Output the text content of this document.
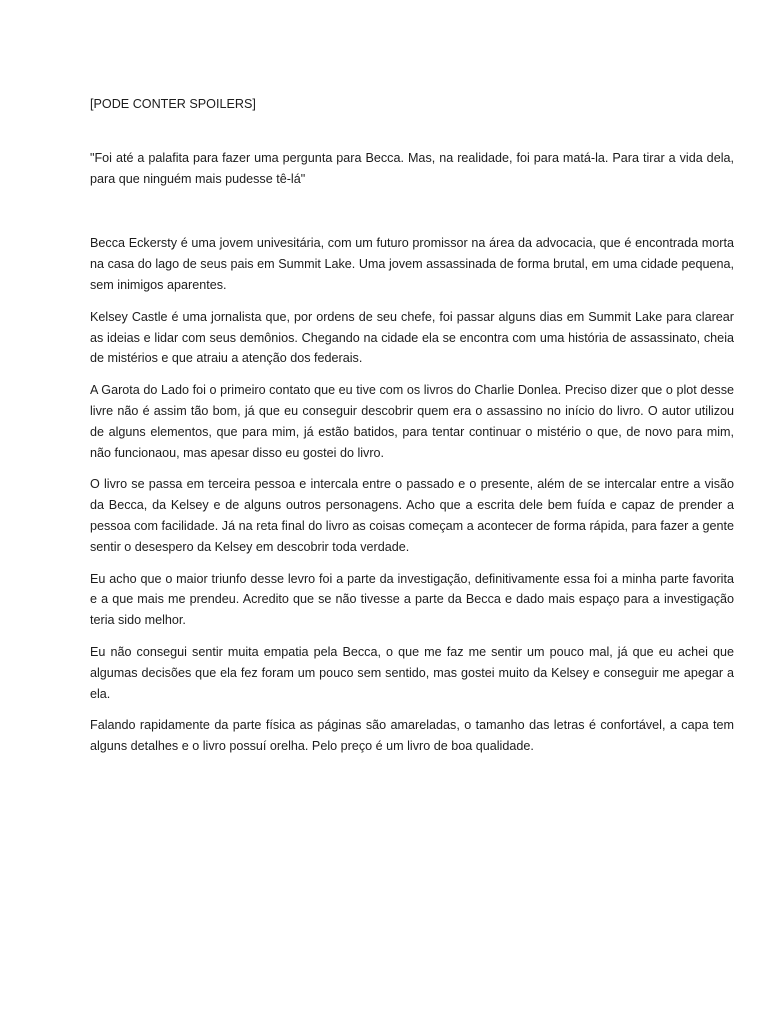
[PODE CONTER SPOILERS]

"Foi até a palafita para fazer uma pergunta para Becca. Mas, na realidade, foi para matá-la. Para tirar a vida dela, para que ninguém mais pudesse tê-lá"

Becca Eckersty é uma jovem univesitária, com um futuro promissor na área da advocacia, que é encontrada morta na casa do lago de seus pais em Summit Lake. Uma jovem assassinada de forma brutal, em uma cidade pequena, sem inimigos aparentes.

Kelsey Castle é uma jornalista que, por ordens de seu chefe, foi passar alguns dias em Summit Lake para clarear as ideias e lidar com seus demônios. Chegando na cidade ela se encontra com uma história de assassinato, cheia de mistérios e que atraiu a atenção dos federais.

A Garota do Lado foi o primeiro contato que eu tive com os livros do Charlie Donlea. Preciso dizer que o plot desse livre não é assim tão bom, já que eu conseguir descobrir quem era o assassino no início do livro. O autor utilizou de alguns elementos, que para mim, já estão batidos, para tentar continuar o mistério o que, de novo para mim, não funcionaou, mas apesar disso eu gostei do livro.

O livro se passa em terceira pessoa e intercala entre o passado e o presente, além de se intercalar entre a visão da Becca, da Kelsey e de alguns outros personagens. Acho que a escrita dele bem fuída e capaz de prender a pessoa com facilidade. Já na reta final do livro as coisas começam a acontecer de forma rápida, para fazer a gente sentir o desespero da Kelsey em descobrir toda verdade.

Eu acho que o maior triunfo desse levro foi a parte da investigação, definitivamente essa foi a minha parte favorita e a que mais me prendeu. Acredito que se não tivesse a parte da Becca e dado mais espaço para a investigação teria sido melhor.

Eu não consegui sentir muita empatia pela Becca, o que me faz me sentir um pouco mal, já que eu achei que algumas decisões que ela fez foram um pouco sem sentido, mas gostei muito da Kelsey e conseguir me apegar a ela.

Falando rapidamente da parte física as páginas são amareladas, o tamanho das letras é confortável, a capa tem alguns detalhes e o livro possuí orelha. Pelo preço é um livro de boa qualidade.
